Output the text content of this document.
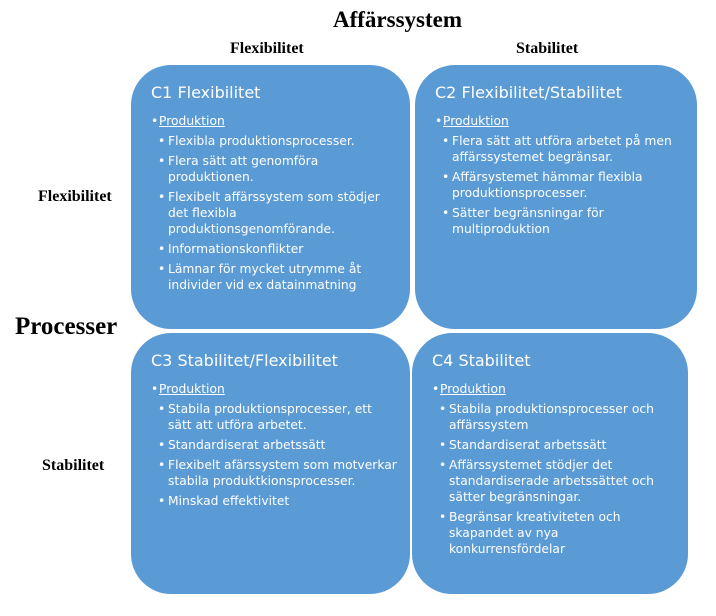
Affärssystem
Flexibilitet	Stabilitet
Processer
Flexibilitet
Stabilitet
C1 Flexibilitet
• Produktion
• Flexibla produktionsprocesser.
• Flera sätt att genomföra produktionen.
• Flexibelt affärssystem som stödjer det flexibla produktionsgenomförande.
• Informationskonflikter
• Lämnar för mycket utrymme åt individer vid ex datainmatning
C2 Flexibilitet/Stabilitet
• Produktion
• Flera sätt att utföra arbetet på men affärssystemet begränsar.
• Affärsystemet hämmar flexibla produktionsprocesser.
• Sätter begränsningar för multiproduktion
C3 Stabilitet/Flexibilitet
• Produktion
• Stabila produktionsprocesser, ett sätt att utföra arbetet.
• Standardiserat arbetssätt
• Flexibelt afärssystem som motverkar stabila produktkionsprocesser.
• Minskad effektivitet
C4 Stabilitet
• Produktion
• Stabila produktionsprocesser och affärssystem
• Standardiserat arbetssätt
• Affärssystemet stödjer det standardiserade arbetssättet och sätter begränsningar.
• Begränsar kreativiteten och skapandet av nya konkurrensfördelar
